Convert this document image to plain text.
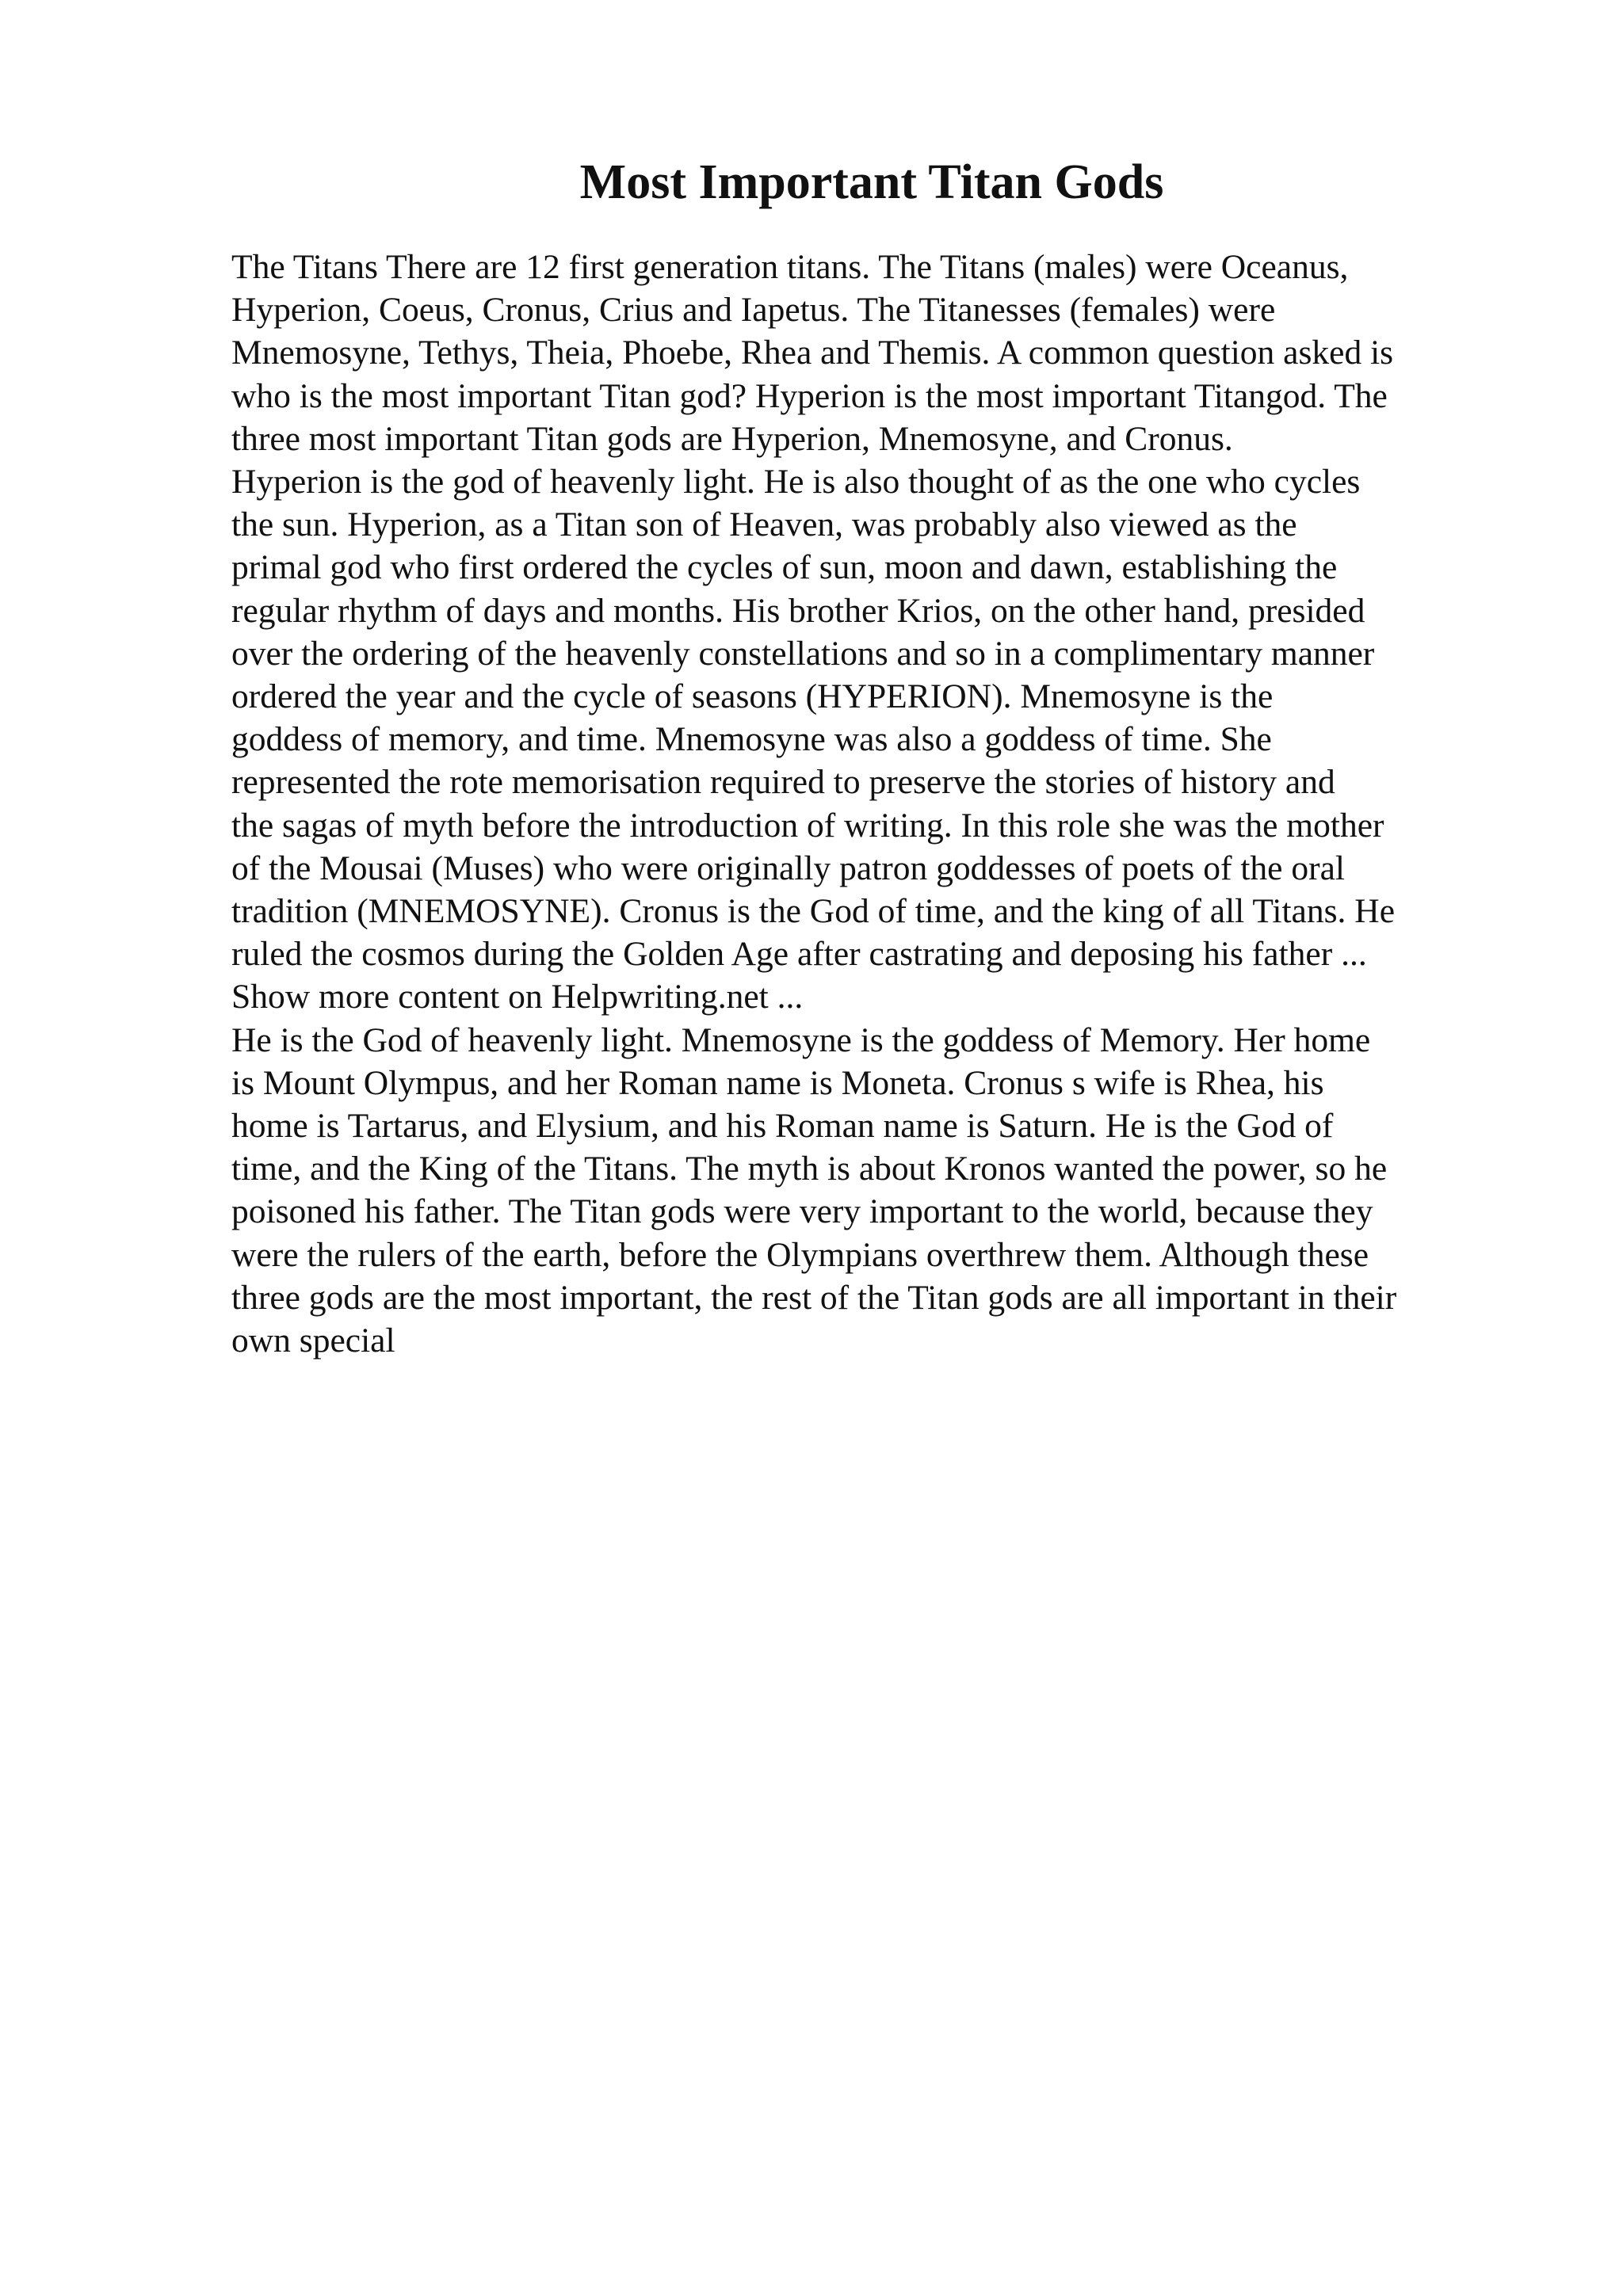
Most Important Titan Gods
The Titans There are 12 first generation titans. The Titans (males) were Oceanus,
Hyperion, Coeus, Cronus, Crius and Iapetus. The Titanesses (females) were
Mnemosyne, Tethys, Theia, Phoebe, Rhea and Themis. A common question asked is
who is the most important Titan god? Hyperion is the most important Titangod. The
three most important Titan gods are Hyperion, Mnemosyne, and Cronus.
Hyperion is the god of heavenly light. He is also thought of as the one who cycles
the sun. Hyperion, as a Titan son of Heaven, was probably also viewed as the
primal god who first ordered the cycles of sun, moon and dawn, establishing the
regular rhythm of days and months. His brother Krios, on the other hand, presided
over the ordering of the heavenly constellations and so in a complimentary manner
ordered the year and the cycle of seasons (HYPERION). Mnemosyne is the
goddess of memory, and time. Mnemosyne was also a goddess of time. She
represented the rote memorisation required to preserve the stories of history and
the sagas of myth before the introduction of writing. In this role she was the mother
of the Mousai (Muses) who were originally patron goddesses of poets of the oral
tradition (MNEMOSYNE). Cronus is the God of time, and the king of all Titans. He
ruled the cosmos during the Golden Age after castrating and deposing his father ...
Show more content on Helpwriting.net ...
He is the God of heavenly light. Mnemosyne is the goddess of Memory. Her home
is Mount Olympus, and her Roman name is Moneta. Cronus s wife is Rhea, his
home is Tartarus, and Elysium, and his Roman name is Saturn. He is the God of
time, and the King of the Titans. The myth is about Kronos wanted the power, so he
poisoned his father. The Titan gods were very important to the world, because they
were the rulers of the earth, before the Olympians overthrew them. Although these
three gods are the most important, the rest of the Titan gods are all important in their
own special
